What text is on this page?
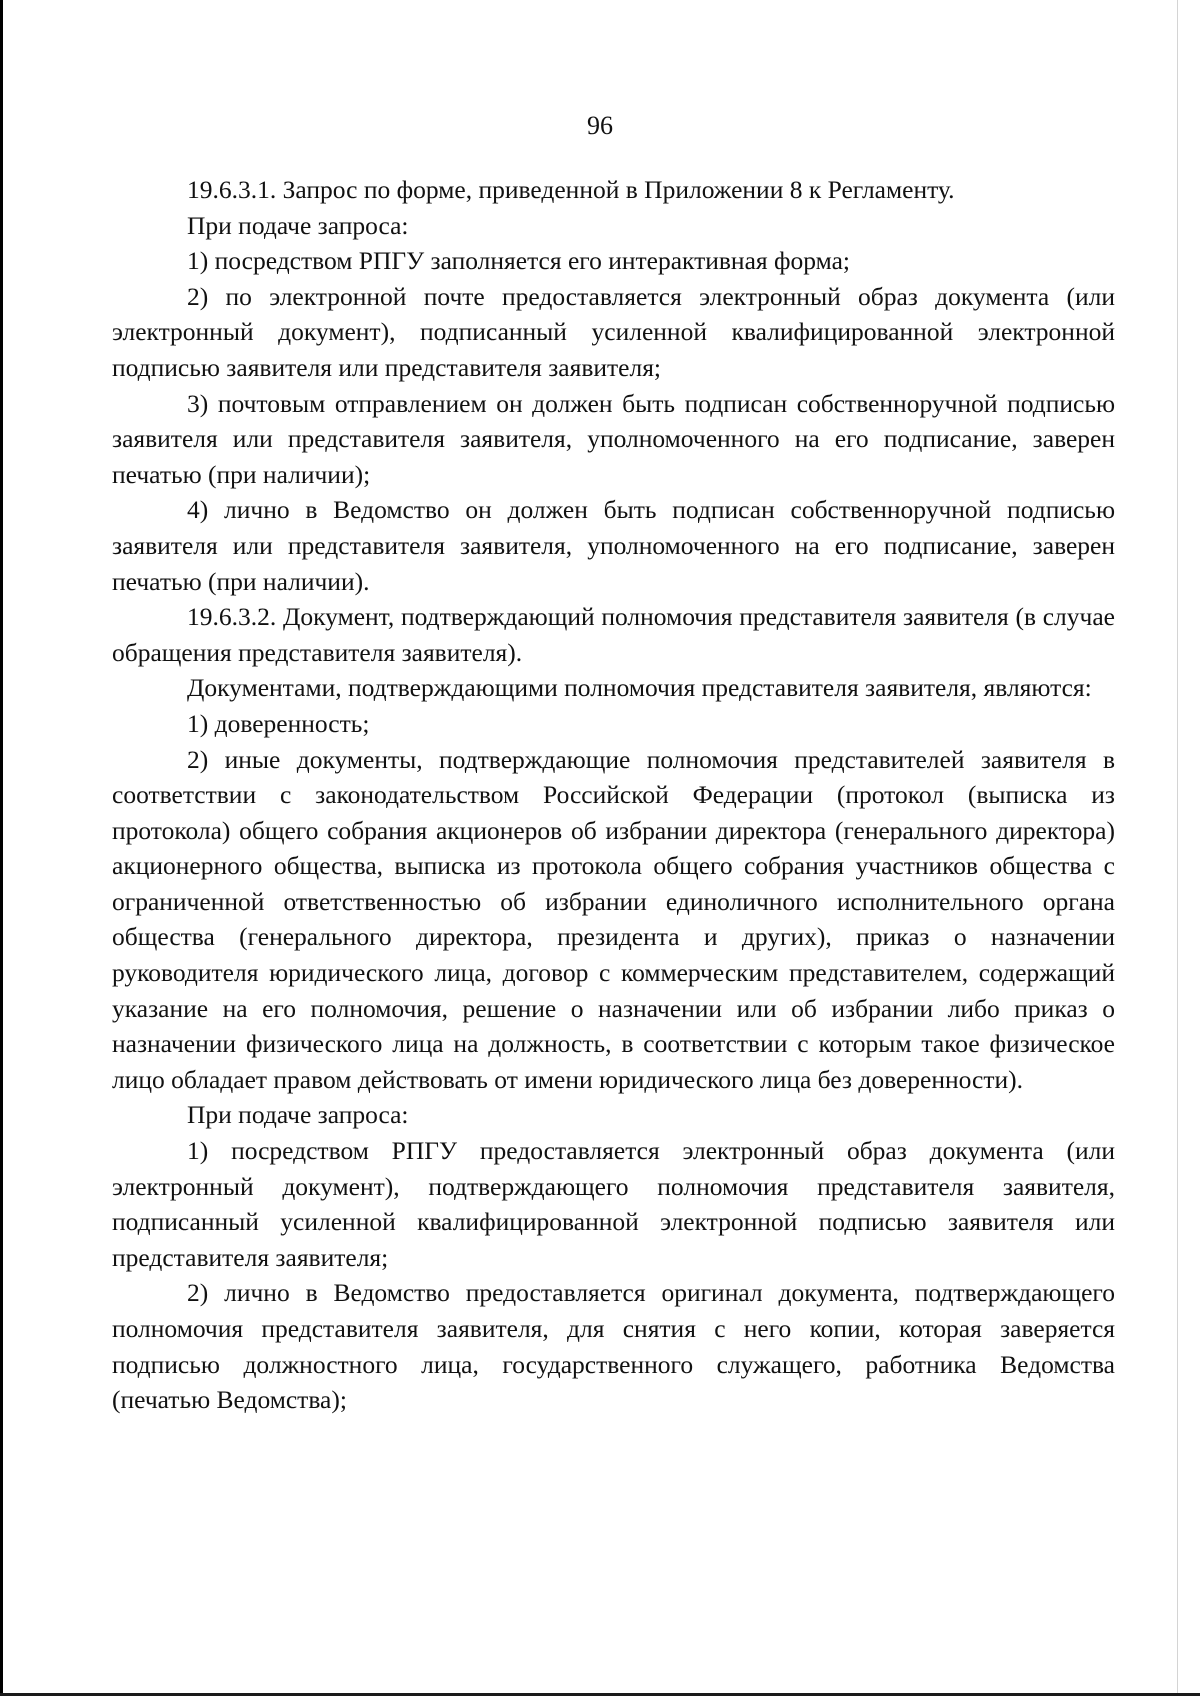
96

19.6.3.1. Запрос по форме, приведенной в Приложении 8 к Регламенту.

При подаче запроса:

1) посредством РПГУ заполняется его интерактивная форма;

2) по электронной почте предоставляется электронный образ документа (или электронный документ), подписанный усиленной квалифицированной электронной подписью заявителя или представителя заявителя;

3) почтовым отправлением он должен быть подписан собственноручной подписью заявителя или представителя заявителя, уполномоченного на его подписание, заверен печатью (при наличии);

4) лично в Ведомство он должен быть подписан собственноручной подписью заявителя или представителя заявителя, уполномоченного на его подписание, заверен печатью (при наличии).

19.6.3.2. Документ, подтверждающий полномочия представителя заявителя (в случае обращения представителя заявителя).

Документами, подтверждающими полномочия представителя заявителя, являются:

1) доверенность;

2) иные документы, подтверждающие полномочия представителей заявителя в соответствии с законодательством Российской Федерации (протокол (выписка из протокола) общего собрания акционеров об избрании директора (генерального директора) акционерного общества, выписка из протокола общего собрания участников общества с ограниченной ответственностью об избрании единоличного исполнительного органа общества (генерального директора, президента и других), приказ о назначении руководителя юридического лица, договор с коммерческим представителем, содержащий указание на его полномочия, решение о назначении или об избрании либо приказ о назначении физического лица на должность, в соответствии с которым такое физическое лицо обладает правом действовать от имени юридического лица без доверенности).

При подаче запроса:

1) посредством РПГУ предоставляется электронный образ документа (или электронный документ), подтверждающего полномочия представителя заявителя, подписанный усиленной квалифицированной электронной подписью заявителя или представителя заявителя;

2) лично в Ведомство предоставляется оригинал документа, подтверждающего полномочия представителя заявителя, для снятия с него копии, которая заверяется подписью должностного лица, государственного служащего, работника Ведомства (печатью Ведомства);
